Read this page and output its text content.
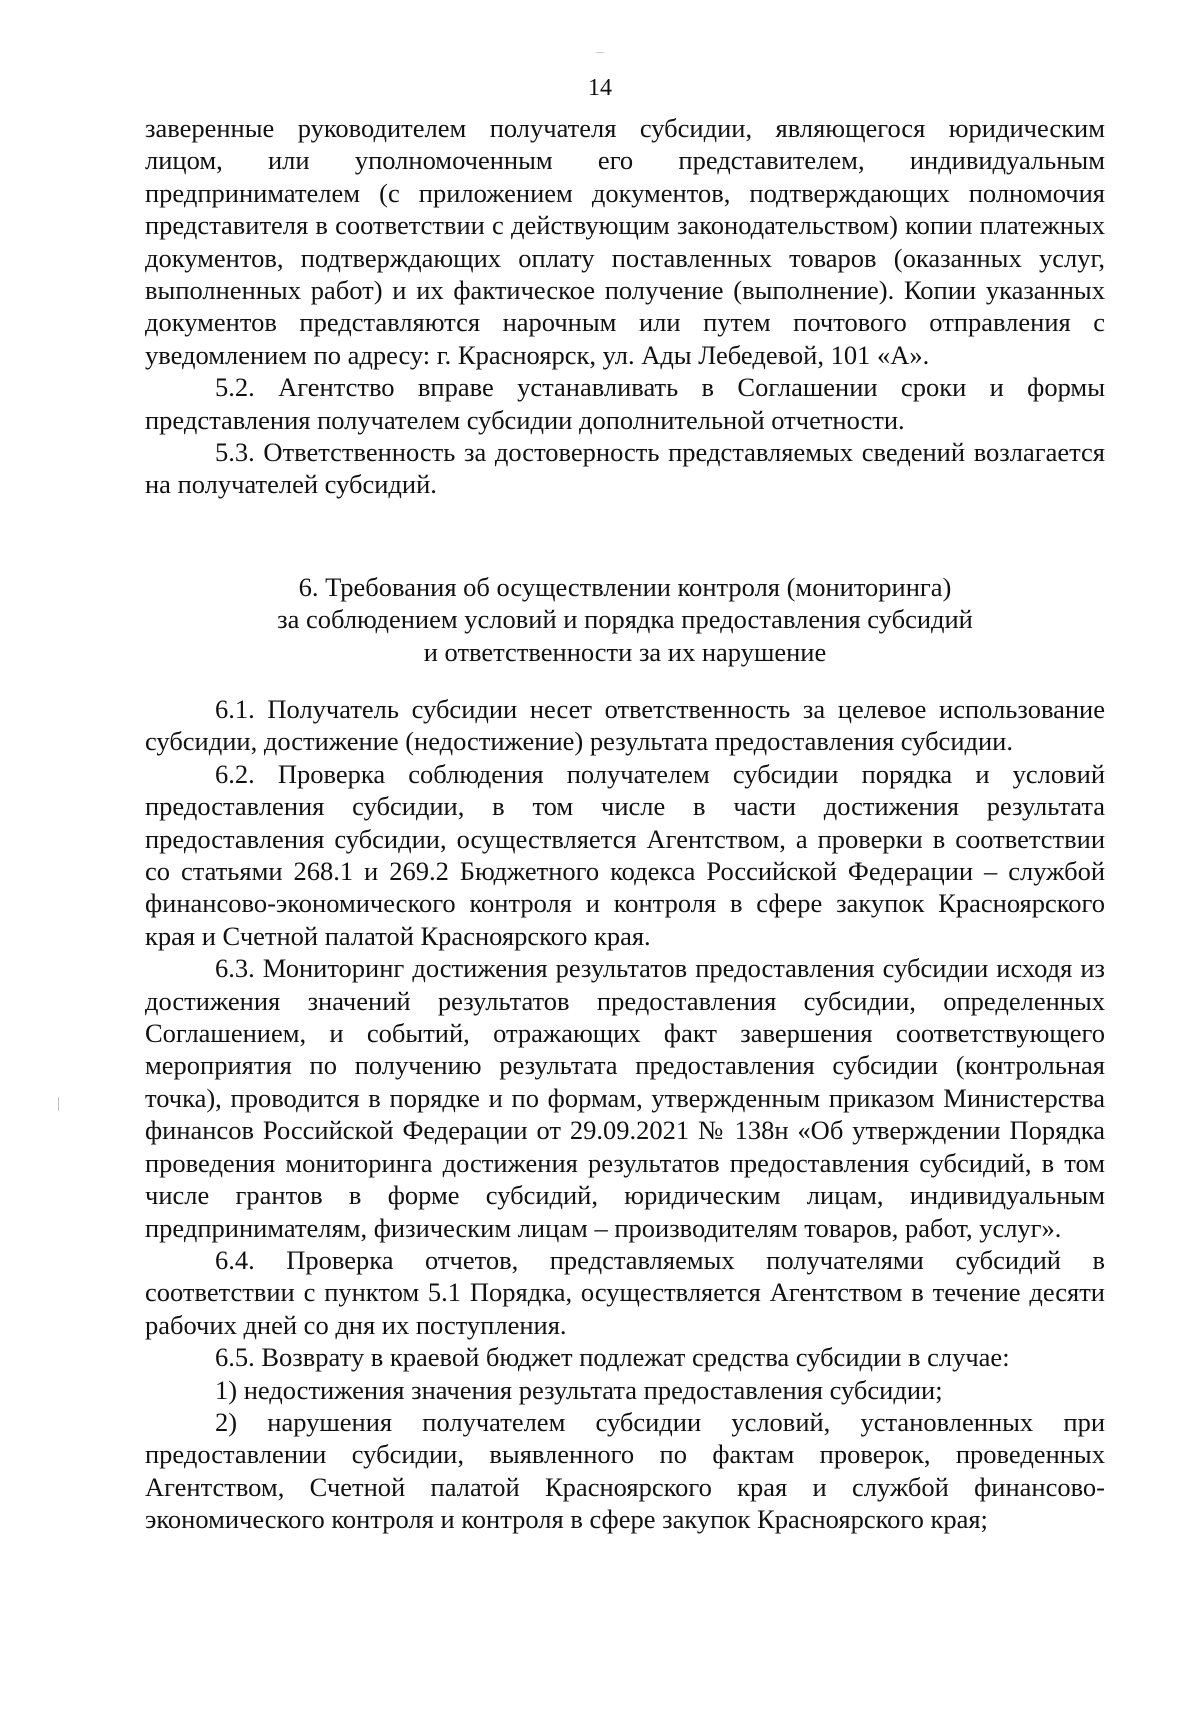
14

заверенные руководителем получателя субсидии, являющегося юридическим лицом, или уполномоченным его представителем, индивидуальным предпринимателем (с приложением документов, подтверждающих полномочия представителя в соответствии с действующим законодательством) копии платежных документов, подтверждающих оплату поставленных товаров (оказанных услуг, выполненных работ) и их фактическое получение (выполнение). Копии указанных документов представляются нарочным или путем почтового отправления с уведомлением по адресу: г. Красноярск, ул. Ады Лебедевой, 101 «А».

5.2. Агентство вправе устанавливать в Соглашении сроки и формы представления получателем субсидии дополнительной отчетности.

5.3. Ответственность за достоверность представляемых сведений возлагается на получателей субсидий.

6. Требования об осуществлении контроля (мониторинга)
за соблюдением условий и порядка предоставления субсидий
и ответственности за их нарушение

6.1. Получатель субсидии несет ответственность за целевое использование субсидии, достижение (недостижение) результата предоставления субсидии.

6.2. Проверка соблюдения получателем субсидии порядка и условий предоставления субсидии, в том числе в части достижения результата предоставления субсидии, осуществляется Агентством, а проверки в соответствии со статьями 268.1 и 269.2 Бюджетного кодекса Российской Федерации – службой финансово-экономического контроля и контроля в сфере закупок Красноярского края и Счетной палатой Красноярского края.

6.3. Мониторинг достижения результатов предоставления субсидии исходя из достижения значений результатов предоставления субсидии, определенных Соглашением, и событий, отражающих факт завершения соответствующего мероприятия по получению результата предоставления субсидии (контрольная точка), проводится в порядке и по формам, утвержденным приказом Министерства финансов Российской Федерации от 29.09.2021 № 138н «Об утверждении Порядка проведения мониторинга достижения результатов предоставления субсидий, в том числе грантов в форме субсидий, юридическим лицам, индивидуальным предпринимателям, физическим лицам – производителям товаров, работ, услуг».

6.4. Проверка отчетов, представляемых получателями субсидий в соответствии с пунктом 5.1 Порядка, осуществляется Агентством в течение десяти рабочих дней со дня их поступления.

6.5. Возврату в краевой бюджет подлежат средства субсидии в случае:

1) недостижения значения результата предоставления субсидии;

2) нарушения получателем субсидии условий, установленных при предоставлении субсидии, выявленного по фактам проверок, проведенных Агентством, Счетной палатой Красноярского края и службой финансово-экономического контроля и контроля в сфере закупок Красноярского края;
